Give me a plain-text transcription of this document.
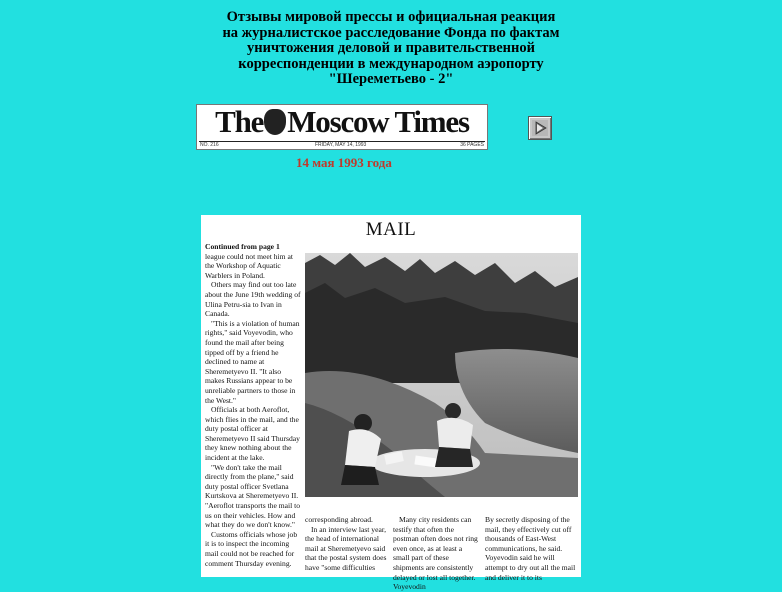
Отзывы мировой прессы и официальная реакция
на журналистское расследование Фонда по фактам
уничтожения деловой и правительственной
корреспонденции в международном аэропорту
"Шереметьево - 2"
The Moscow Times
NO. 216	FRIDAY, MAY 14, 1993	36 PAGES
14 мая 1993 года
MAIL

Continued from page 1

league could not meet him at the Workshop of Aquatic Warblers in Poland.

Others may find out too late about the June 19th wedding of Ulina Petru-sia to Ivan in Canada.

"This is a violation of human rights," said Voyevodin, who found the mail after being tipped off by a friend he declined to name at Sheremetyevo II. "It also makes Russians appear to be unreliable partners to those in the West."

Officials at both Aeroflot, which flies in the mail, and the duty postal officer at Sheremetyevo II said Thursday they knew nothing about the incident at the lake.

"We don't take the mail directly from the plane," said duty postal officer Svetlana Kurtskova at Sheremetyevo II. "Aeroflot transports the mail to us on their vehicles. How and what they do we don't know."

Customs officials whose job it is to inspect the incoming mail could not be reached for comment Thursday evening.

corresponding abroad.

In an interview last year, the head of international mail at Sheremetyevo said that the postal system does have "some difficulties

Many city residents can testify that often the postman often does not ring even once, as at least a small part of these shipments are consistently delayed or lost all together. Voyevodin

By secretly disposing of the mail, they effectively cut off thousands of East-West communications, he said. Voyevodin said he will attempt to dry out all the mail and deliver it to its
